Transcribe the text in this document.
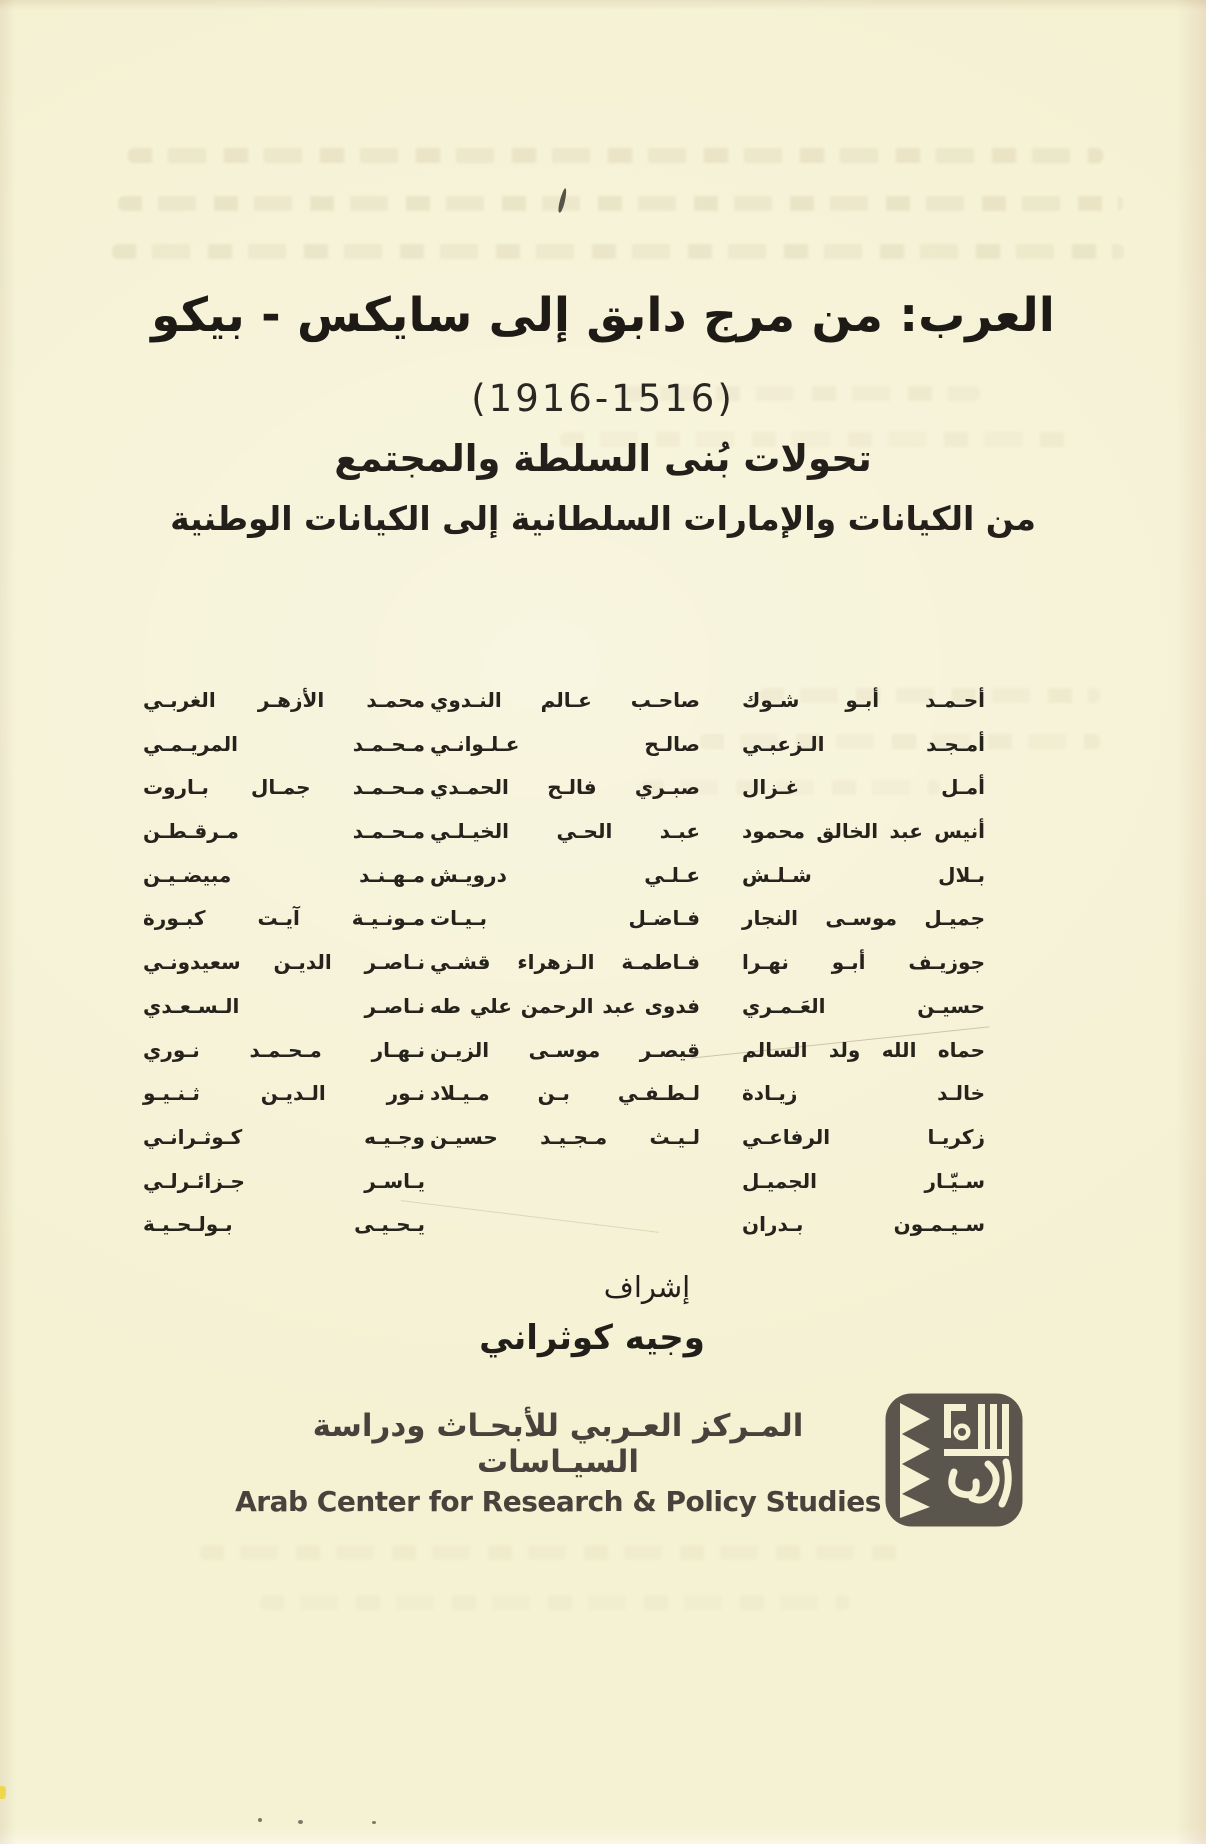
العرب: من مرج دابق إلى سايكس - بيكو
(1916-1516)
تحولات بُنى السلطة والمجتمع
من الكيانات والإمارات السلطانية إلى الكيانات الوطنية
أحـمـد أبـو شـوك
أمـجـد الـزعبـي
أمـل غـزال
أنيس عبد الخالق محمود
بـلال شـلـش
جميـل موسـى النجار
جوزيـف أبـو نهـرا
حسيـن العَـمـري
حماه الله ولد السالم
خالـد زيـادة
زكريـا الرفاعـي
سـيّـار الجميـل
سـيـمـون بـدران
صاحـب عـالم النـدوي
صالـح عـلـوانـي
صبـري فالـح الحمـدي
عبـد الحـي الخيـلـي
عـلـي درويـش
فـاضـل بـيـات
فـاطمـة الـزهراء قشـي
فدوى عبد الرحمن علي طه
قيصـر موسـى الزيـن
لـطـفـي بـن مـيـلاد
لـيـث مـجـيـد حسيـن
محمـد الأزهـر الغربـي
مـحـمـد المريـمـي
مـحـمـد جمـال بـاروت
مـحـمـد مـرقـطـن
مـهـنـد مبيضـيـن
مـونـيـة آيـت كبـورة
نـاصـر الديـن سعيدونـي
نـاصـر الـسـعـدي
نـهـار مـحـمـد نـوري
نـور الـديـن ثـنـيـو
وجـيـه كـوثـرانـي
يـاسـر جـزائـرلـي
يـحـيـى بـولـحـيـة
إشراف
وجيه كوثراني
المـركز العـربي للأبحـاث ودراسة السيـاسات
Arab Center for Research & Policy Studies
